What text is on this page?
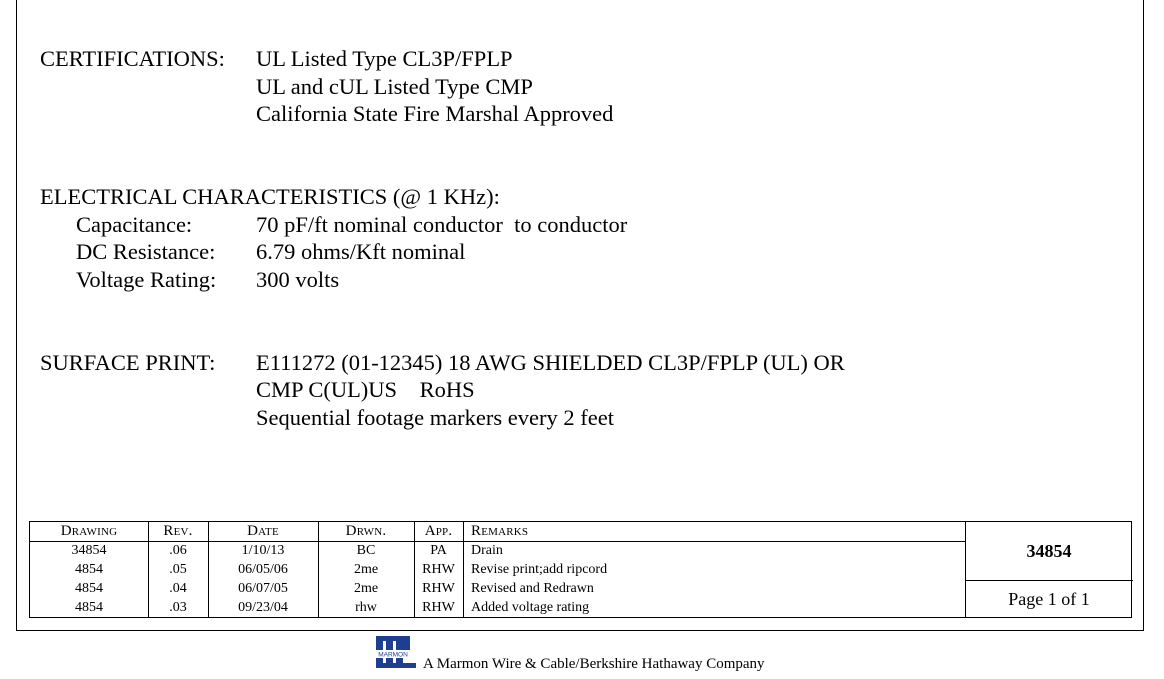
CERTIFICATIONS: UL Listed Type CL3P/FPLP
UL and cUL Listed Type CMP
California State Fire Marshal Approved
ELECTRICAL CHARACTERISTICS (@ 1 KHz):
Capacitance:	70 pF/ft nominal conductor  to conductor
DC Resistance: 6.79 ohms/Kft nominal
Voltage Rating: 300 volts
SURFACE PRINT: E111272 (01-12345) 18 AWG SHIELDED CL3P/FPLP (UL) OR
CMP C(UL)US    RoHS
Sequential footage markers every 2 feet
Drawing	Rev.	Date	Drwn.	App.	Remarks
34854	.06	1/10/13	BC	PA	Drain
4854	.05	06/05/06	2me	RHW	Revise print;add ripcord
4854	.04	06/07/05	2me	RHW	Revised and Redrawn
4854	.03	09/23/04	rhw	RHW	Added voltage rating
34854
Page 1 of 1
MARMON
A Marmon Wire & Cable/Berkshire Hathaway Company
